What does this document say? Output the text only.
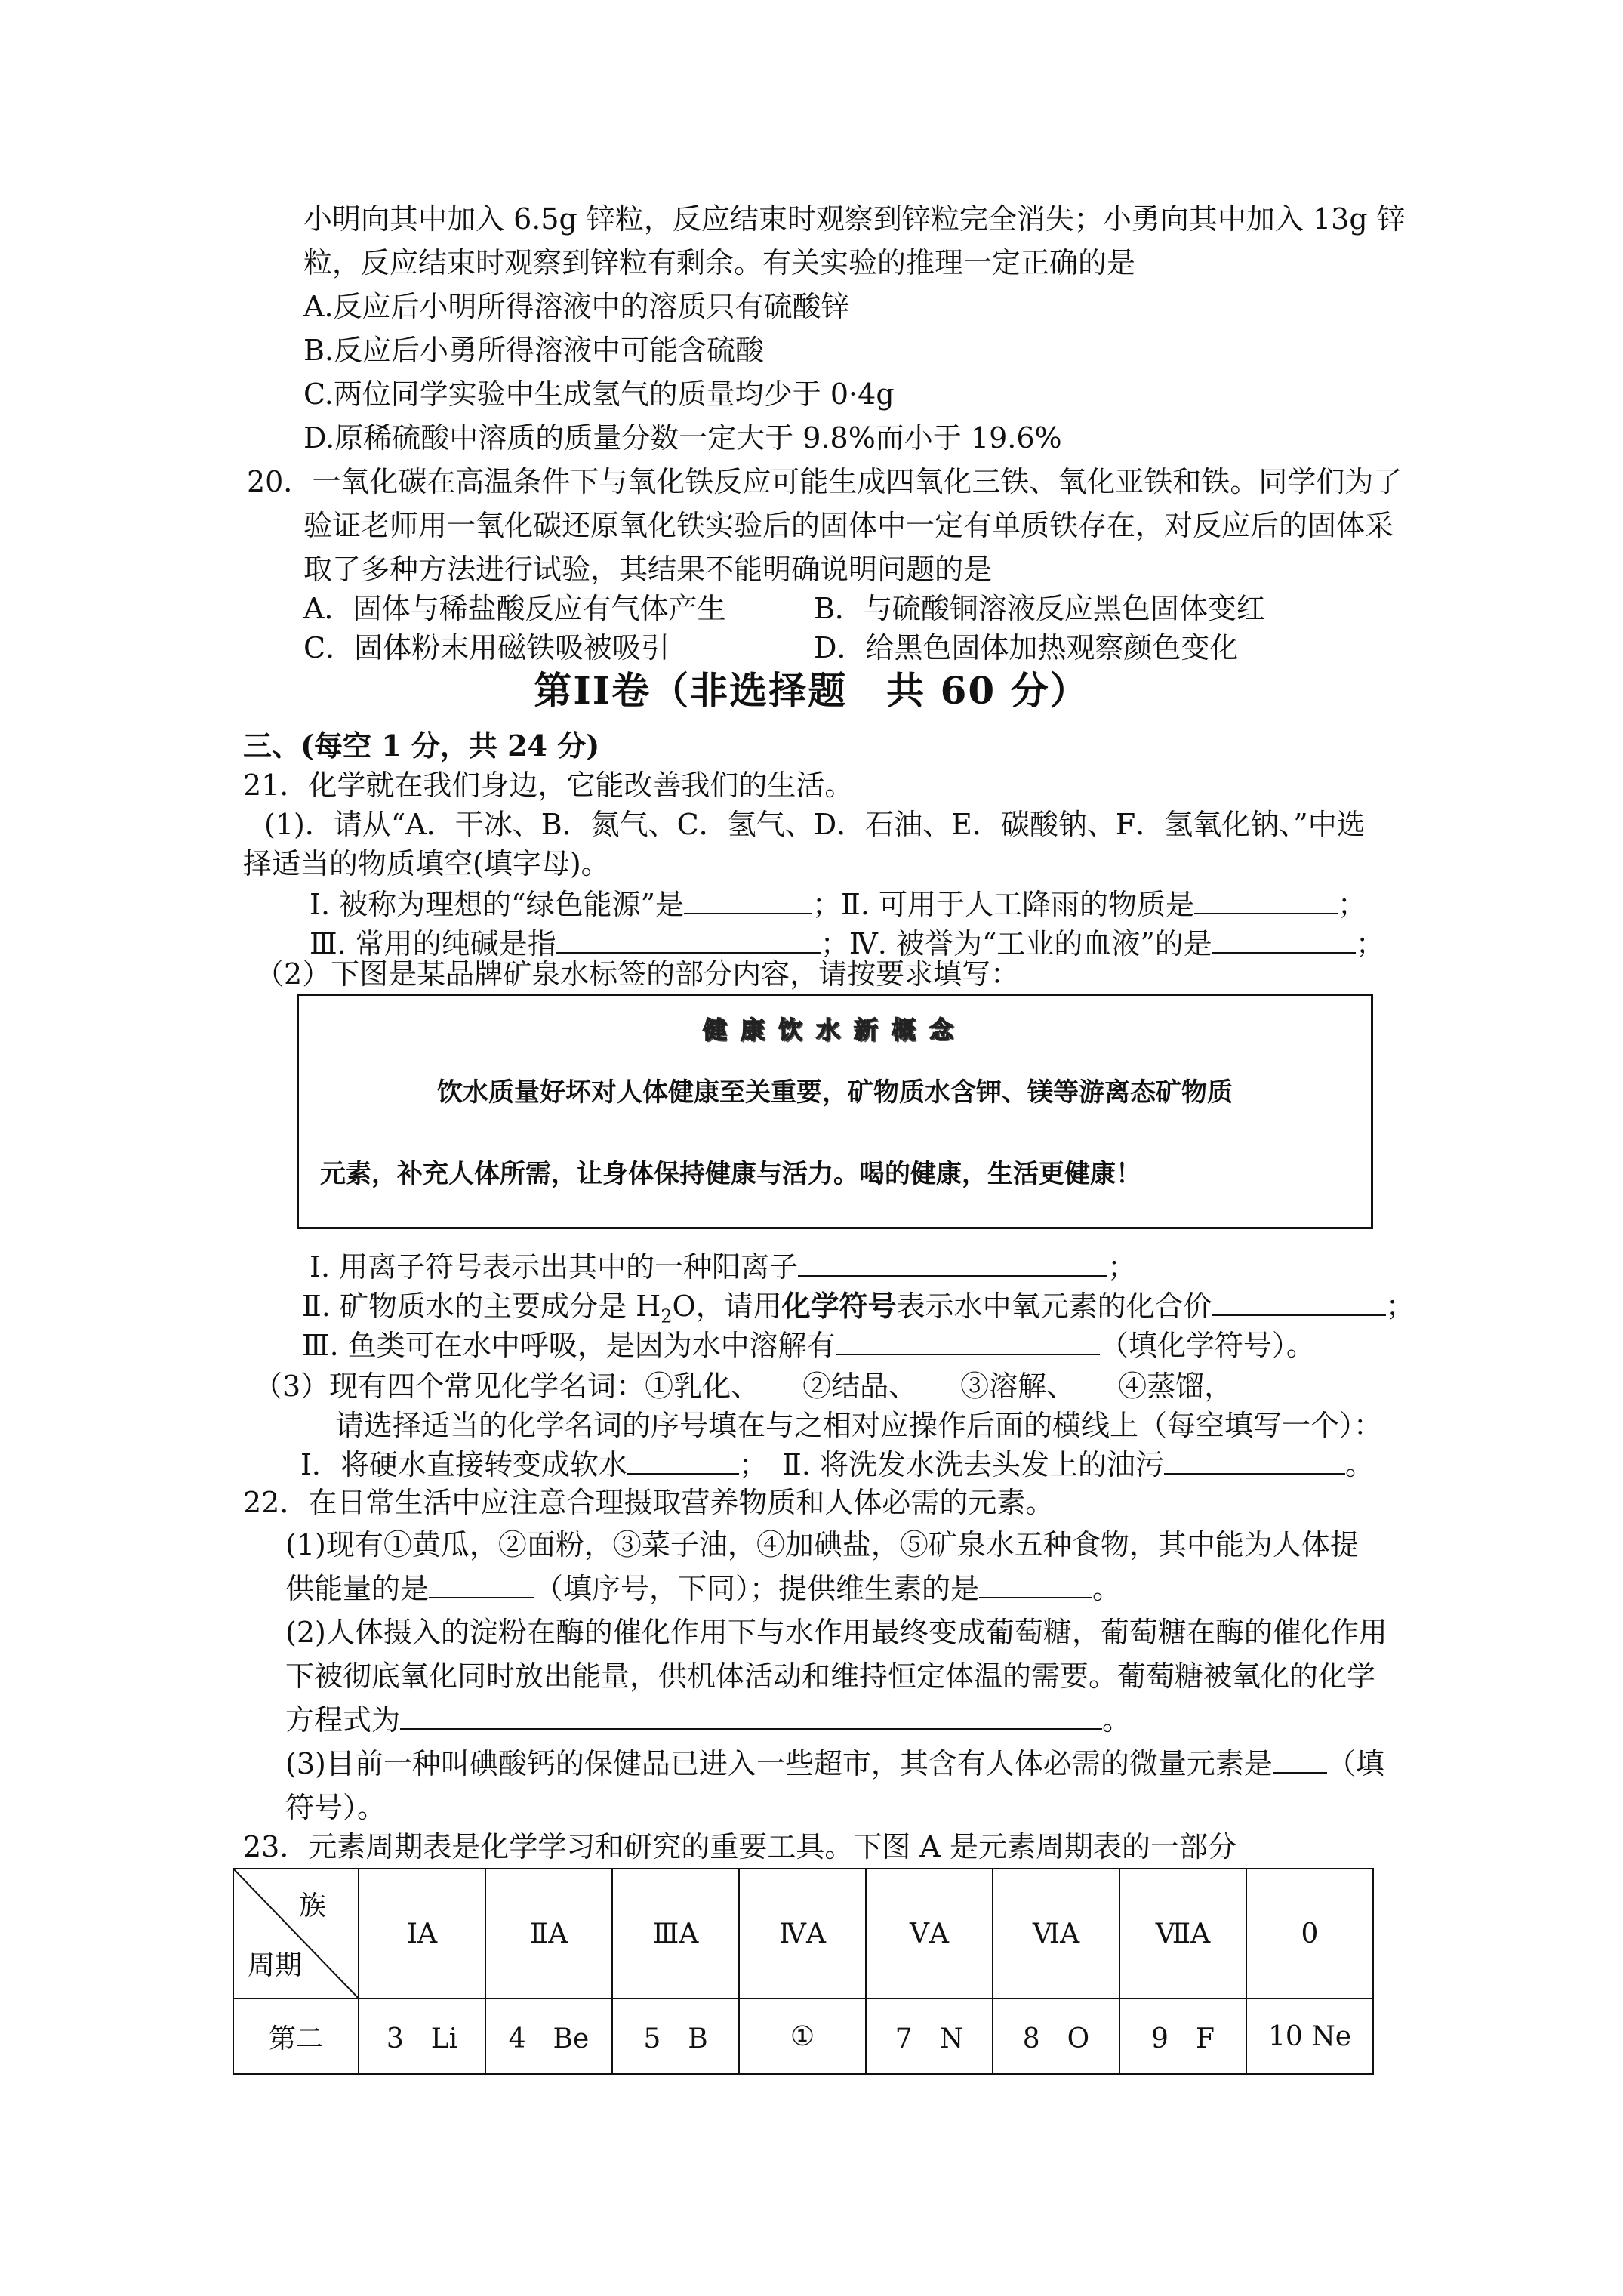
小明向其中加入 6.5g 锌粒，反应结束时观察到锌粒完全消失；小勇向其中加入 13g 锌
粒，反应结束时观察到锌粒有剩余。有关实验的推理一定正确的是
A.反应后小明所得溶液中的溶质只有硫酸锌
B.反应后小勇所得溶液中可能含硫酸
C.两位同学实验中生成氢气的质量均少于 0·4g
D.原稀硫酸中溶质的质量分数一定大于 9.8%而小于 19.6%
20．一氧化碳在高温条件下与氧化铁反应可能生成四氧化三铁、氧化亚铁和铁。同学们为了
验证老师用一氧化碳还原氧化铁实验后的固体中一定有单质铁存在，对反应后的固体采
取了多种方法进行试验，其结果不能明确说明问题的是
A．固体与稀盐酸反应有气体产生	B．与硫酸铜溶液反应黑色固体变红
C．固体粉末用磁铁吸被吸引	D．给黑色固体加热观察颜色变化
第II卷（非选择题　共 60 分）
三、(每空 1 分，共 24 分)
21．化学就在我们身边，它能改善我们的生活。
(1)．请从“A．干冰、B．氮气、C．氢气、D．石油、E．碳酸钠、F．氢氧化钠、”中选
择适当的物质填空(填字母)。
Ⅰ. 被称为理想的“绿色能源”是	；Ⅱ. 可用于人工降雨的物质是	；
Ⅲ. 常用的纯碱是指	；Ⅳ. 被誉为“工业的血液”的是	；
（2）下图是某品牌矿泉水标签的部分内容，请按要求填写：
健康饮水新概念
饮水质量好坏对人体健康至关重要，矿物质水含钾、镁等游离态矿物质
元素，补充人体所需，让身体保持健康与活力。喝的健康，生活更健康！
Ⅰ. 用离子符号表示出其中的一种阳离子	；
Ⅱ. 矿物质水的主要成分是 $H_2O$，请用化学符号表示水中氧元素的化合价	；
Ⅲ. 鱼类可在水中呼吸，是因为水中溶解有	（填化学符号）。
（3）现有四个常见化学名词：①乳化、　　②结晶、　　③溶解、　　④蒸馏，
请选择适当的化学名词的序号填在与之相对应操作后面的横线上（每空填写一个）：
Ⅰ．将硬水直接转变成软水	；　 Ⅱ. 将洗发水洗去头发上的油污	。
22．在日常生活中应注意合理摄取营养物质和人体必需的元素。
(1)现有①黄瓜，②面粉，③菜子油，④加碘盐，⑤矿泉水五种食物，其中能为人体提
供能量的是	（填序号，下同）；提供维生素的是	。
(2)人体摄入的淀粉在酶的催化作用下与水作用最终变成葡萄糖，葡萄糖在酶的催化作用
下被彻底氧化同时放出能量，供机体活动和维持恒定体温的需要。葡萄糖被氧化的化学
方程式为	。
(3)目前一种叫碘酸钙的保健品已进入一些超市，其含有人体必需的微量元素是 （填
符号）。
23．元素周期表是化学学习和研究的重要工具。下图 A 是元素周期表的一部分
族
周期	ⅠA	ⅡA	ⅢA	ⅣA	ⅤA	ⅥA	ⅦA	0
第二	3　Li	4　Be	5　B	①	7　N	8　O	9　F	10 Ne
